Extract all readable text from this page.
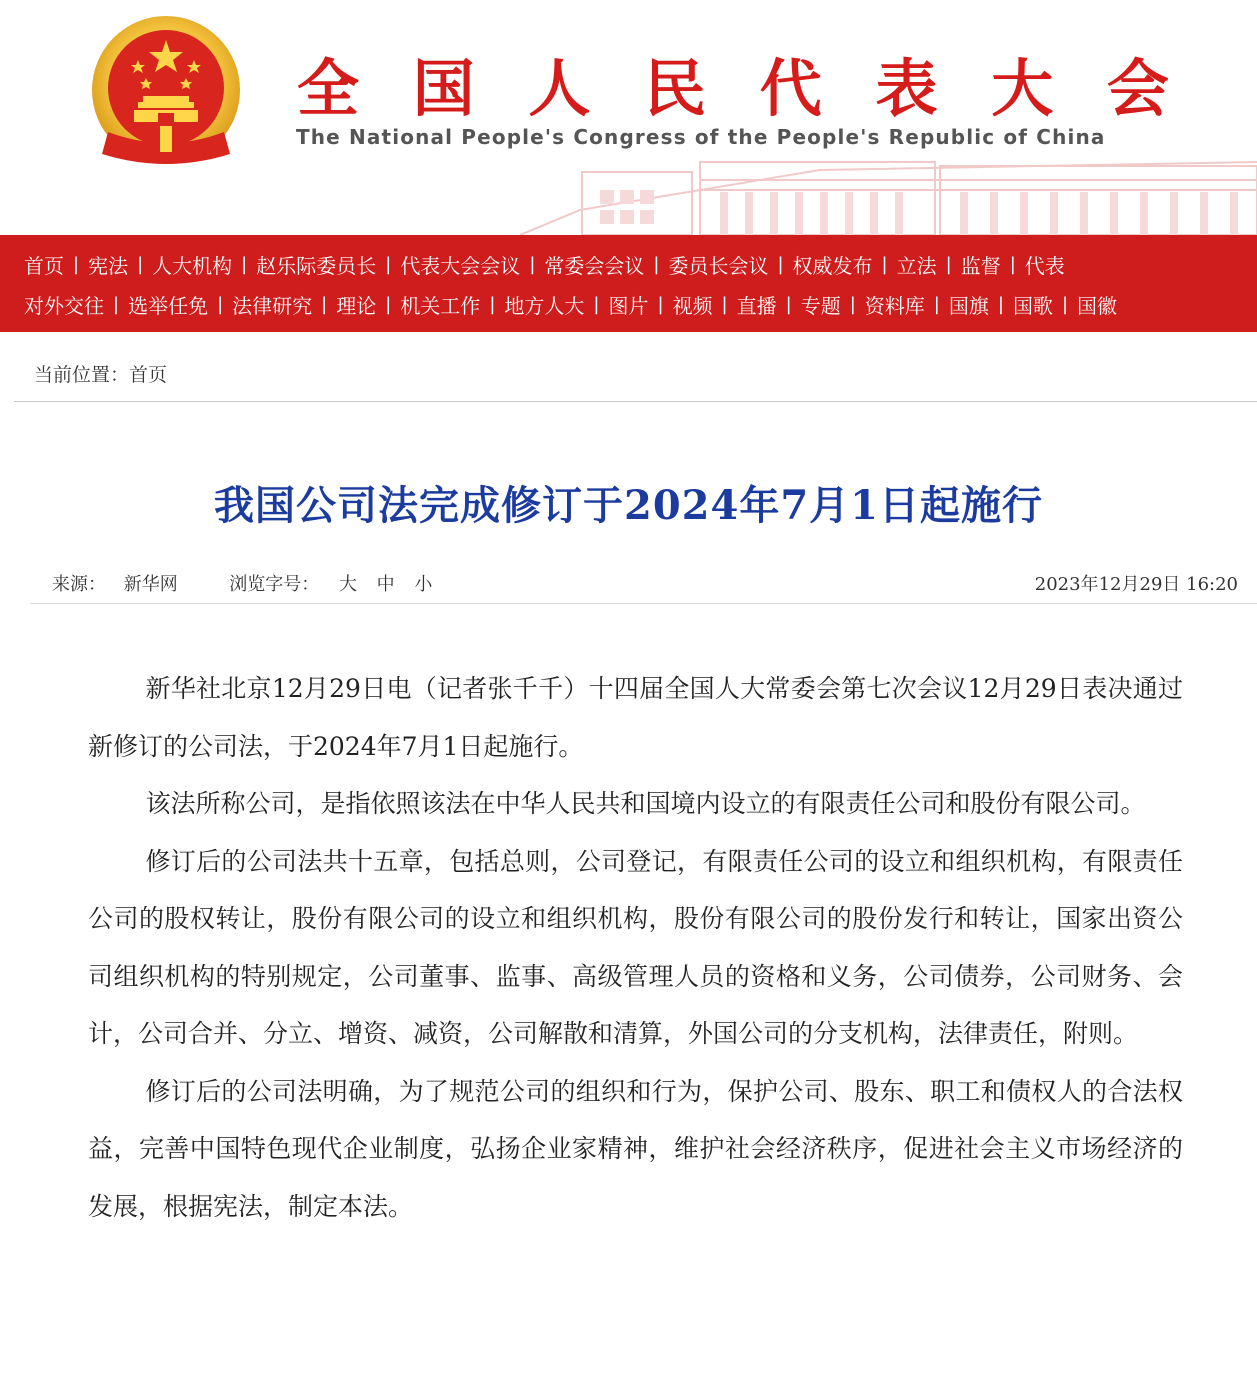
全 国 人 民 代 表 大 会
The National People's Congress of the People's Republic of China
首页 | 宪法 | 人大机构 | 赵乐际委员长 | 代表大会会议 | 常委会会议 | 委员长会议 | 权威发布 | 立法 | 监督 | 代表
对外交往 | 选举任免 | 法律研究 | 理论 | 机关工作 | 地方人大 | 图片 | 视频 | 直播 | 专题 | 资料库 | 国旗 | 国歌 | 国徽
当前位置：首页
我国公司法完成修订于2024年7月1日起施行
来源： 新华网	浏览字号： 大 中 小	2023年12月29日 16:20

新华社北京12月29日电（记者张千千）十四届全国人大常委会第七次会议12月29日表决通过新修订的公司法，于2024年7月1日起施行。

该法所称公司，是指依照该法在中华人民共和国境内设立的有限责任公司和股份有限公司。

修订后的公司法共十五章，包括总则，公司登记，有限责任公司的设立和组织机构，有限责任公司的股权转让，股份有限公司的设立和组织机构，股份有限公司的股份发行和转让，国家出资公司组织机构的特别规定，公司董事、监事、高级管理人员的资格和义务，公司债券，公司财务、会计，公司合并、分立、增资、减资，公司解散和清算，外国公司的分支机构，法律责任，附则。

修订后的公司法明确，为了规范公司的组织和行为，保护公司、股东、职工和债权人的合法权益，完善中国特色现代企业制度，弘扬企业家精神，维护社会经济秩序，促进社会主义市场经济的发展，根据宪法，制定本法。
